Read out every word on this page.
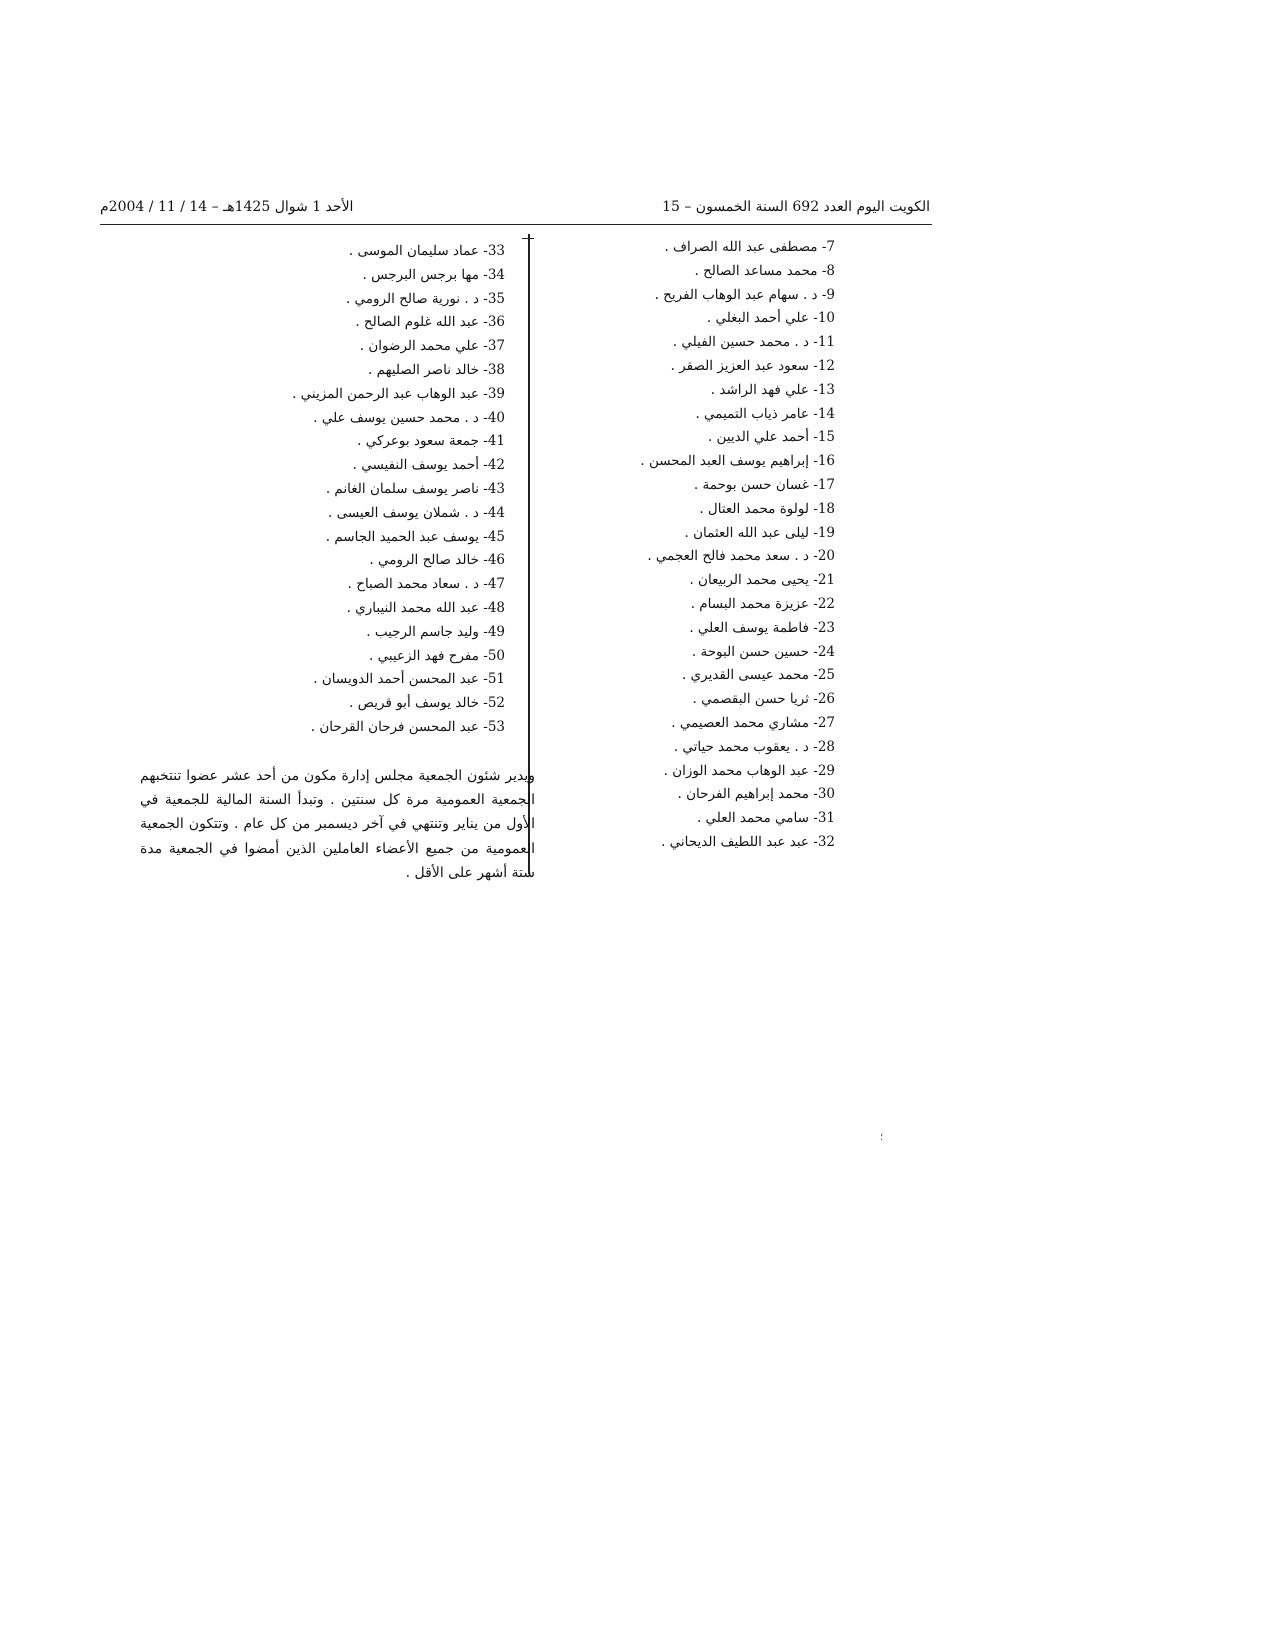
الكويت اليوم العدد 692 السنة الخمسون – 15
الأحد 1 شوال 1425هـ – 14 / 11 / 2004م
7- مصطفى عبد الله الصراف .
8- محمد مساعد الصالح .
9- د . سهام عبد الوهاب الفريح .
10- علي أحمد البغلي .
11- د . محمد حسين الفيلي .
12- سعود عبد العزيز الصقر .
13- علي فهد الراشد .
14- عامر ذياب التميمي .
15- أحمد علي الديين .
16- إبراهيم يوسف العبد المحسن .
17- غسان حسن بوحمة .
18- لولوة محمد العتال .
19- ليلى عبد الله العثمان .
20- د . سعد محمد فالح العجمي .
21- يحيى محمد الربيعان .
22- عزيزة محمد البسام .
23- فاطمة يوسف العلي .
24- حسين حسن البوحة .
25- محمد عيسى القديري .
26- ثريا حسن البقصمي .
27- مشاري محمد العصيمي .
28- د . يعقوب محمد حياتي .
29- عبد الوهاب محمد الوزان .
30- محمد إبراهيم الفرحان .
31- سامي محمد العلي .
32- عبد عبد اللطيف الديحاني .
33- عماد سليمان الموسى .
34- مها برجس البرجس .
35- د . نورية صالح الرومي .
36- عبد الله غلوم الصالح .
37- علي محمد الرضوان .
38- خالد ناصر الصليهم .
39- عبد الوهاب عبد الرحمن المزيني .
40- د . محمد حسين يوسف علي .
41- جمعة سعود بوعركي .
42- أحمد يوسف النفيسي .
43- ناصر يوسف سلمان الغانم .
44- د . شملان يوسف العيسى .
45- يوسف عبد الحميد الجاسم .
46- خالد صالح الرومي .
47- د . سعاد محمد الصباح .
48- عبد الله محمد النيباري .
49- وليد جاسم الرجيب .
50- مفرح فهد الزعيبي .
51- عبد المحسن أحمد الدويسان .
52- خالد يوسف أبو قريص .
53- عبد المحسن فرحان القرحان .

ويدير شئون الجمعية مجلس إدارة مكون من أحد عشر عضوا تنتخبهم الجمعية العمومية مرة كل سنتين . وتبدأ السنة المالية للجمعية في الأول من يناير وتنتهي في آخر ديسمبر من كل عام . وتتكون الجمعية العمومية من جميع الأعضاء العاملين الذين أمضوا في الجمعية مدة ستة أشهر على الأقل .

؛
